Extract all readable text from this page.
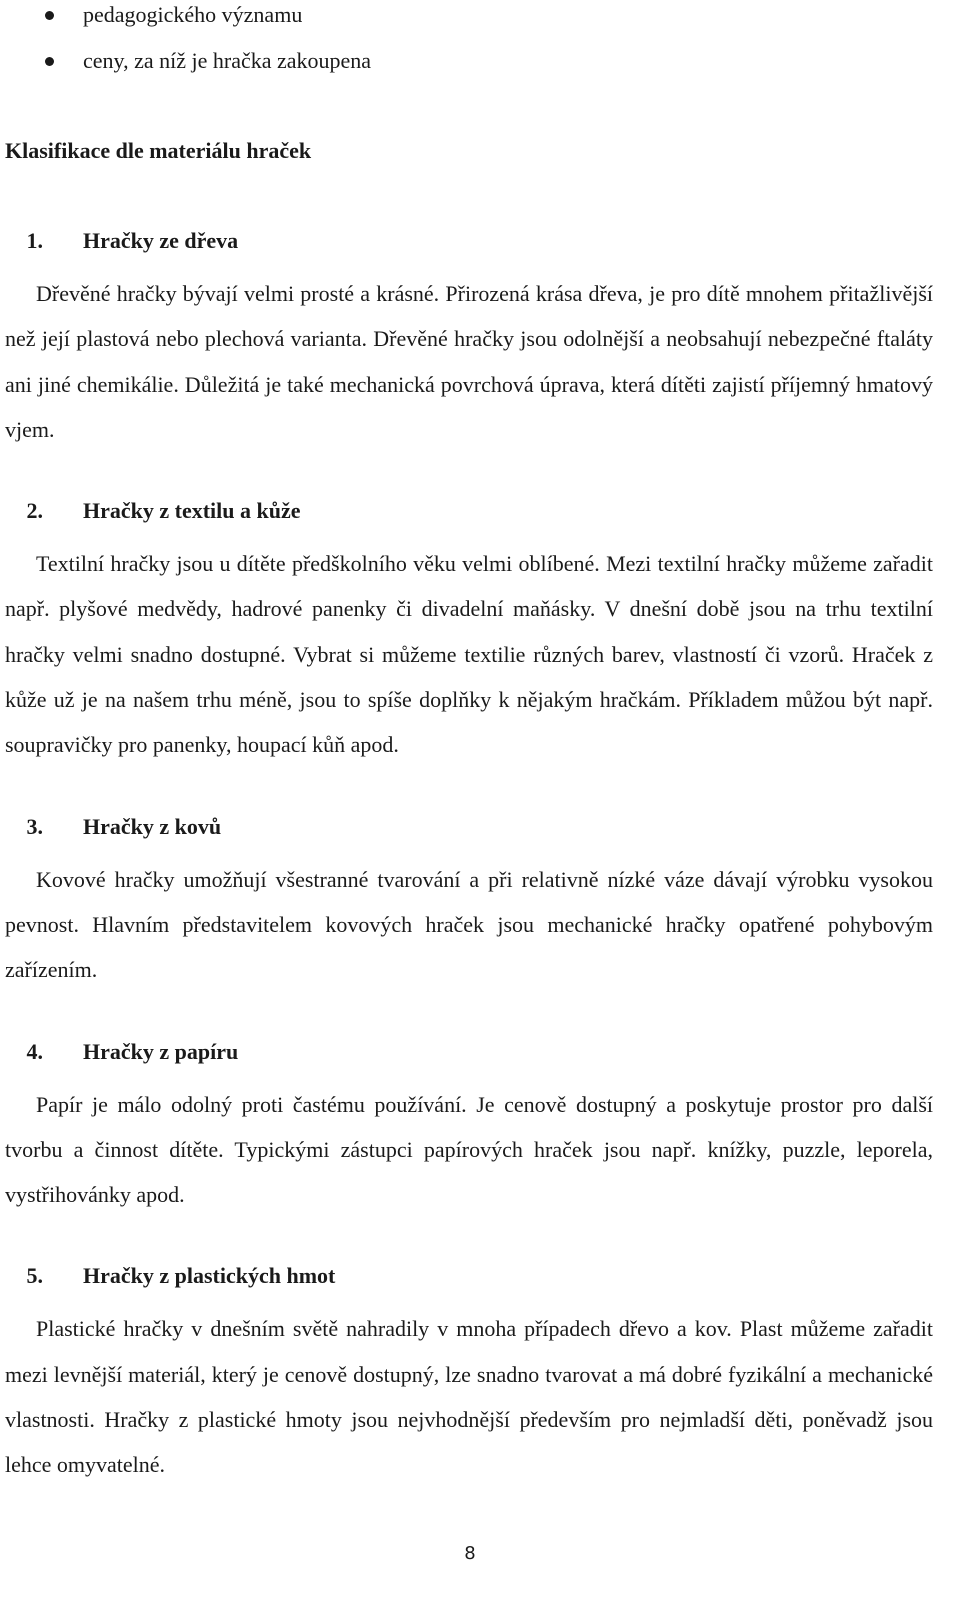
pedagogického významu
ceny, za níž je hračka zakoupena
Klasifikace dle materiálu hraček
1.	Hračky ze dřeva

Dřevěné hračky bývají velmi prosté a krásné. Přirozená krása dřeva, je pro dítě mnohem přitažlivější než její plastová nebo plechová varianta. Dřevěné hračky jsou odolnější a neobsahují nebezpečné ftaláty ani jiné chemikálie. Důležitá je také mechanická povrchová úprava, která dítěti zajistí příjemný hmatový vjem.

2.	Hračky z textilu a kůže

Textilní hračky jsou u dítěte předškolního věku velmi oblíbené. Mezi textilní hračky můžeme zařadit např. plyšové medvědy, hadrové panenky či divadelní maňásky. V dnešní době jsou na trhu textilní hračky velmi snadno dostupné. Vybrat si můžeme textilie různých barev, vlastností či vzorů. Hraček z kůže už je na našem trhu méně, jsou to spíše doplňky k nějakým hračkám. Příkladem můžou být např. soupravičky pro panenky, houpací kůň apod.

3.	Hračky z kovů

Kovové hračky umožňují všestranné tvarování a při relativně nízké váze dávají výrobku vysokou pevnost. Hlavním představitelem kovových hraček jsou mechanické hračky opatřené pohybovým zařízením.

4.	Hračky z papíru

Papír je málo odolný proti častému používání. Je cenově dostupný a poskytuje prostor pro další tvorbu a činnost dítěte. Typickými zástupci papírových hraček jsou např. knížky, puzzle, leporela, vystřihovánky apod.

5.	Hračky z plastických hmot

Plastické hračky v dnešním světě nahradily v mnoha případech dřevo a kov. Plast můžeme zařadit mezi levnější materiál, který je cenově dostupný, lze snadno tvarovat a má dobré fyzikální a mechanické vlastnosti. Hračky z plastické hmoty jsou nejvhodnější především pro nejmladší děti, poněvadž jsou lehce omyvatelné.

8
